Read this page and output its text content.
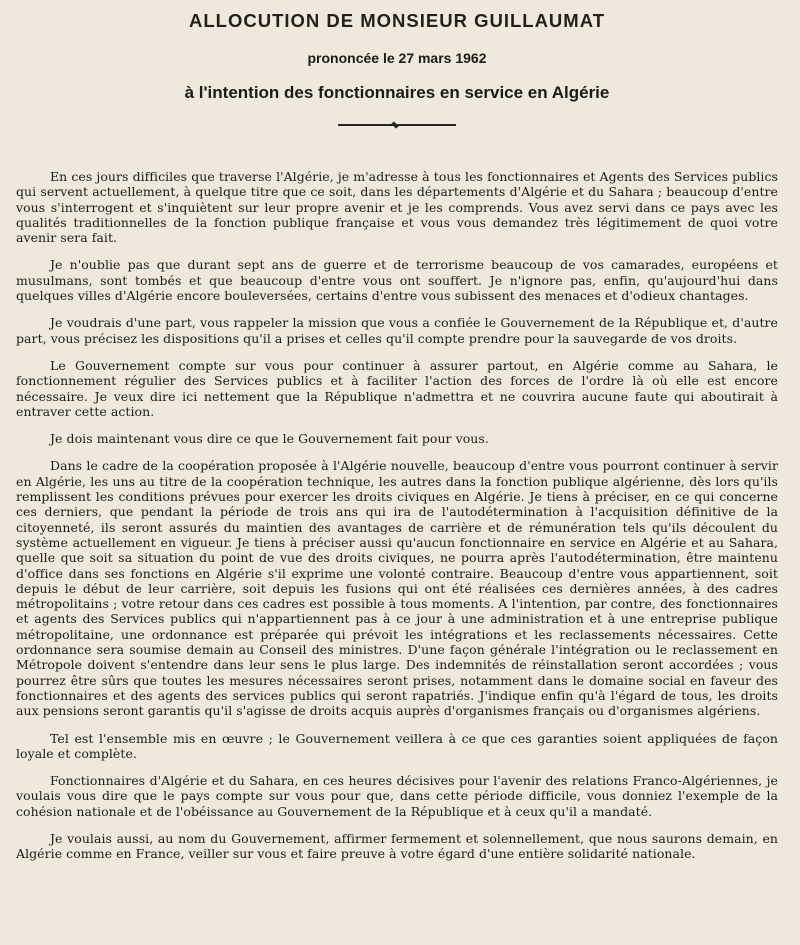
ALLOCUTION DE MONSIEUR GUILLAUMAT
prononcée le 27 mars 1962
à l'intention des fonctionnaires en service en Algérie

En ces jours difficiles que traverse l'Algérie, je m'adresse à tous les fonctionnaires et Agents des Services publics qui servent actuellement, à quelque titre que ce soit, dans les départements d'Algérie et du Sahara ; beaucoup d'entre vous s'interrogent et s'inquiètent sur leur propre avenir et je les comprends. Vous avez servi dans ce pays avec les qualités traditionnelles de la fonction publique française et vous vous demandez très légitimement de quoi votre avenir sera fait.

Je n'oublie pas que durant sept ans de guerre et de terrorisme beaucoup de vos camarades, européens et musulmans, sont tombés et que beaucoup d'entre vous ont souffert. Je n'ignore pas, enfin, qu'aujourd'hui dans quelques villes d'Algérie encore bouleversées, certains d'entre vous subissent des menaces et d'odieux chantages.

Je voudrais d'une part, vous rappeler la mission que vous a confiée le Gouvernement de la République et, d'autre part, vous précisez les dispositions qu'il a prises et celles qu'il compte prendre pour la sauvegarde de vos droits.

Le Gouvernement compte sur vous pour continuer à assurer partout, en Algérie comme au Sahara, le fonctionnement régulier des Services publics et à faciliter l'action des forces de l'ordre là où elle est encore nécessaire. Je veux dire ici nettement que la République n'admettra et ne couvrira aucune faute qui aboutirait à entraver cette action.

Je dois maintenant vous dire ce que le Gouvernement fait pour vous.

Dans le cadre de la coopération proposée à l'Algérie nouvelle, beaucoup d'entre vous pourront continuer à servir en Algérie, les uns au titre de la coopération technique, les autres dans la fonction publique algérienne, dès lors qu'ils remplissent les conditions prévues pour exercer les droits civiques en Algérie. Je tiens à préciser, en ce qui concerne ces derniers, que pendant la période de trois ans qui ira de l'autodétermination à l'acquisition définitive de la citoyenneté, ils seront assurés du maintien des avantages de carrière et de rémunération tels qu'ils découlent du système actuellement en vigueur. Je tiens à préciser aussi qu'aucun fonctionnaire en service en Algérie et au Sahara, quelle que soit sa situation du point de vue des droits civiques, ne pourra après l'autodétermination, être maintenu d'office dans ses fonctions en Algérie s'il exprime une volonté contraire. Beaucoup d'entre vous appartiennent, soit depuis le début de leur carrière, soit depuis les fusions qui ont été réalisées ces dernières années, à des cadres métropolitains ; votre retour dans ces cadres est possible à tous moments. A l'intention, par contre, des fonctionnaires et agents des Services publics qui n'appartiennent pas à ce jour à une administration et à une entreprise publique métropolitaine, une ordonnance est préparée qui prévoit les intégrations et les reclassements nécessaires. Cette ordonnance sera soumise demain au Conseil des ministres. D'une façon générale l'intégration ou le reclassement en Métropole doivent s'entendre dans leur sens le plus large. Des indemnités de réinstallation seront accordées ; vous pourrez être sûrs que toutes les mesures nécessaires seront prises, notamment dans le domaine social en faveur des fonctionnaires et des agents des services publics qui seront rapatriés. J'indique enfin qu'à l'égard de tous, les droits aux pensions seront garantis qu'il s'agisse de droits acquis auprès d'organismes français ou d'organismes algériens.

Tel est l'ensemble mis en œuvre ; le Gouvernement veillera à ce que ces garanties soient appliquées de façon loyale et complète.

Fonctionnaires d'Algérie et du Sahara, en ces heures décisives pour l'avenir des relations Franco-Algériennes, je voulais vous dire que le pays compte sur vous pour que, dans cette période difficile, vous donniez l'exemple de la cohésion nationale et de l'obéissance au Gouvernement de la République et à ceux qu'il a mandaté.

Je voulais aussi, au nom du Gouvernement, affirmer fermement et solennellement, que nous saurons demain, en Algérie comme en France, veiller sur vous et faire preuve à votre égard d'une entière solidarité nationale.
